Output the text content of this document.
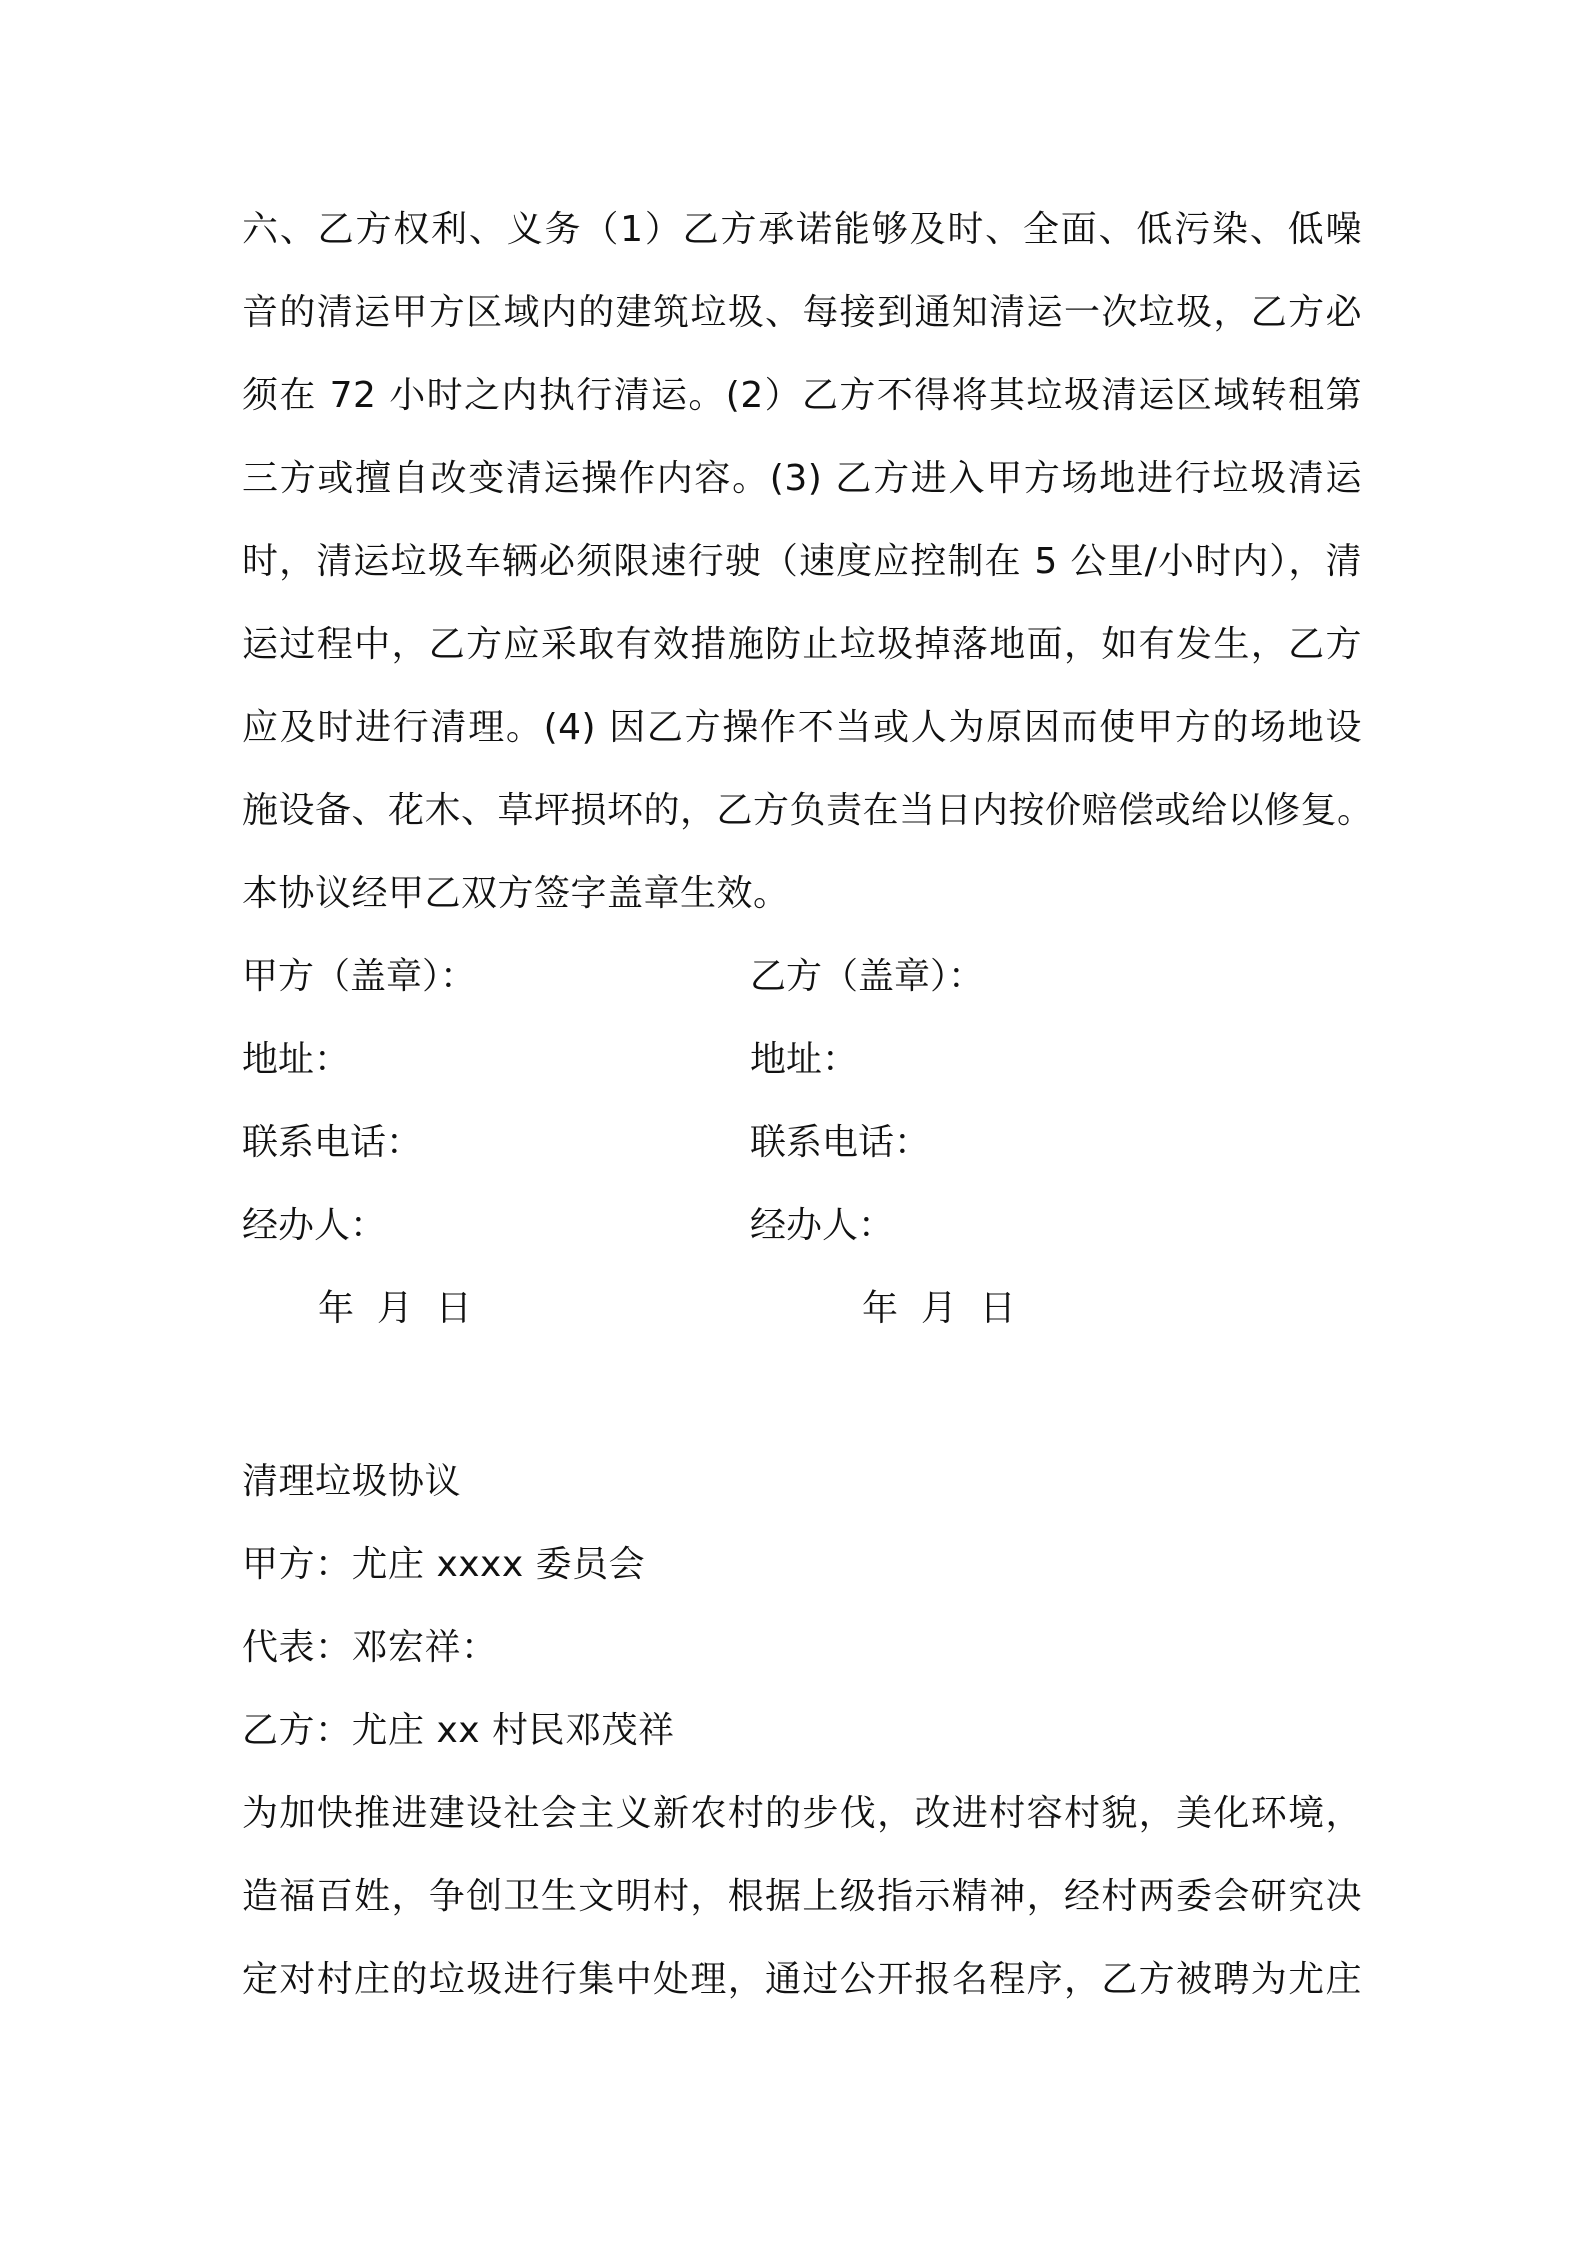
六、乙方权利、义务（1）乙方承诺能够及时、全面、低污染、低噪
音的清运甲方区域内的建筑垃圾、每接到通知清运一次垃圾，乙方必
须在 72 小时之内执行清运。(2）乙方不得将其垃圾清运区域转租第
三方或擅自改变清运操作内容。(3) 乙方进入甲方场地进行垃圾清运
时，清运垃圾车辆必须限速行驶（速度应控制在 5 公里/小时内），清
运过程中，乙方应采取有效措施防止垃圾掉落地面，如有发生，乙方
应及时进行清理。(4) 因乙方操作不当或人为原因而使甲方的场地设
施设备、花木、草坪损坏的，乙方负责在当日内按价赔偿或给以修复。
本协议经甲乙双方签字盖章生效。
甲方（盖章）：	乙方（盖章）：
地址：	地址：
联系电话：	联系电话：
经办人：	经办人：
年  月  日	年  月  日
清理垃圾协议
甲方：尤庄 xxxx 委员会
代表：邓宏祥：
乙方：尤庄 xx 村民邓茂祥
为加快推进建设社会主义新农村的步伐，改进村容村貌，美化环境，
造福百姓，争创卫生文明村，根据上级指示精神，经村两委会研究决
定对村庄的垃圾进行集中处理，通过公开报名程序，乙方被聘为尤庄
